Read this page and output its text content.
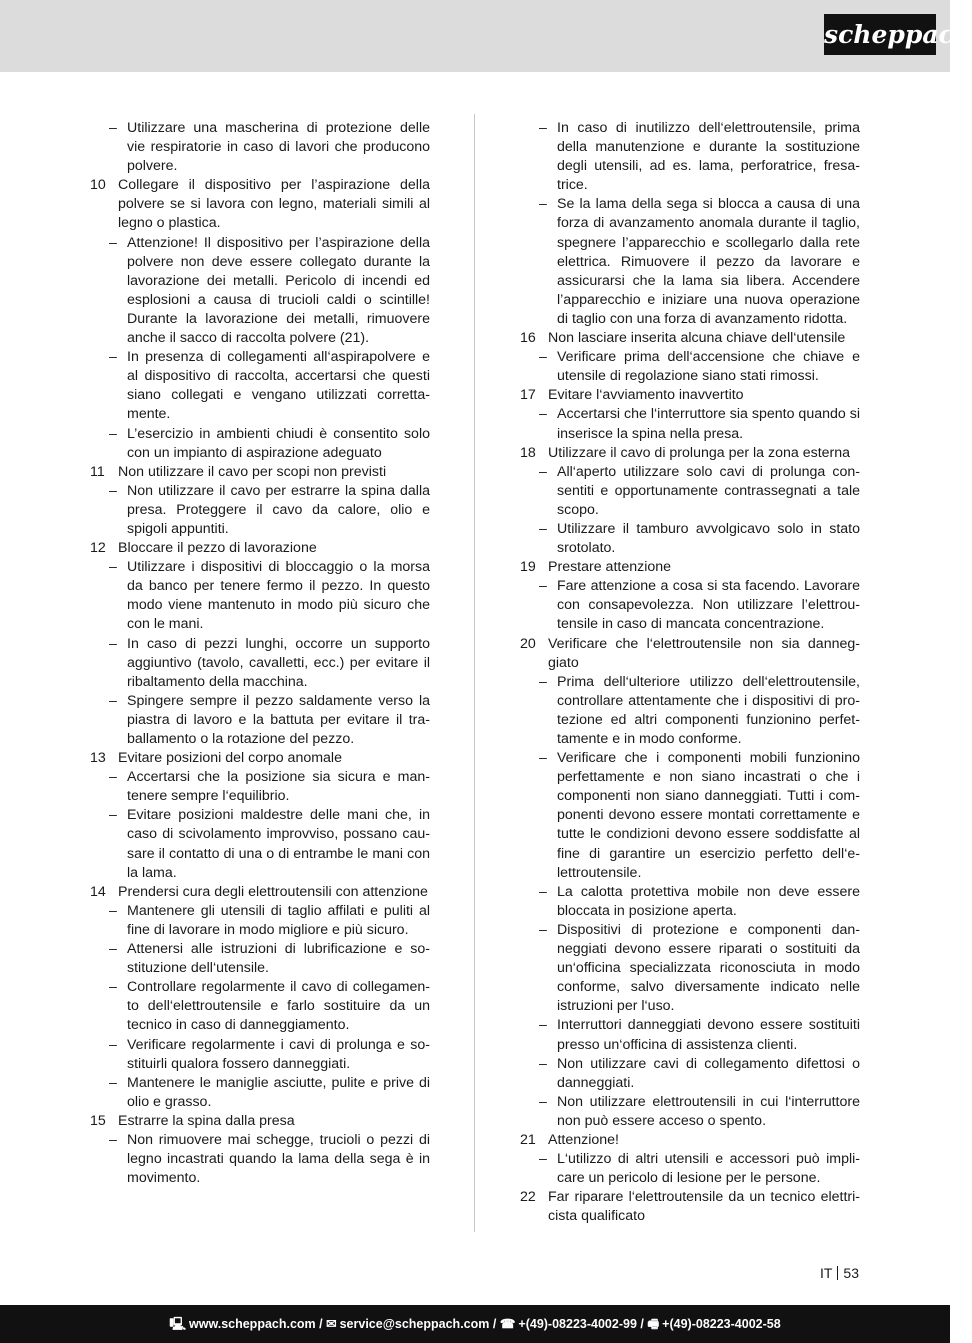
scheppach
– Utilizzare una mascherina di protezione delle vie respiratorie in caso di lavori che producono polvere.
10 Collegare il dispositivo per l’aspirazione della polvere se si lavora con legno, materiali simili al legno o plastica.
– Attenzione! Il dispositivo per l’aspirazione della polvere non deve essere collegato durante la lavorazione dei metalli. Pericolo di incendi ed esplosioni a causa di trucioli caldi o scintille! Durante la lavorazione dei metalli, rimuovere anche il sacco di raccolta polvere (21).
– In presenza di collegamenti all‘aspirapolvere e al dispositivo di raccolta, accertarsi che questi siano collegati e vengano utilizzati correttamente.
– L’esercizio in ambienti chiudi è consentito solo con un impianto di aspirazione adeguato
11 Non utilizzare il cavo per scopi non previsti
– Non utilizzare il cavo per estrarre la spina dalla presa. Proteggere il cavo da calore, olio e spigoli appuntiti.
12 Bloccare il pezzo di lavorazione
– Utilizzare i dispositivi di bloccaggio o la morsa da banco per tenere fermo il pezzo. In questo modo viene mantenuto in modo più sicuro che con le mani.
– In caso di pezzi lunghi, occorre un supporto aggiuntivo (tavolo, cavalletti, ecc.) per evitare il ribaltamento della macchina.
– Spingere sempre il pezzo saldamente verso la piastra di lavoro e la battuta per evitare il traballamento o la rotazione del pezzo.
13 Evitare posizioni del corpo anomale
– Accertarsi che la posizione sia sicura e mantenere sempre l‘equilibrio.
– Evitare posizioni maldestre delle mani che, in caso di scivolamento improvviso, possano causare il contatto di una o di entrambe le mani con la lama.
14 Prendersi cura degli elettroutensili con attenzione
– Mantenere gli utensili di taglio affilati e puliti al fine di lavorare in modo migliore e più sicuro.
– Attenersi alle istruzioni di lubrificazione e sostituzione dell‘utensile.
– Controllare regolarmente il cavo di collegamento dell‘elettroutensile e farlo sostituire da un tecnico in caso di danneggiamento.
– Verificare regolarmente i cavi di prolunga e sostituirli qualora fossero danneggiati.
– Mantenere le maniglie asciutte, pulite e prive di olio e grasso.
15 Estrarre la spina dalla presa
– Non rimuovere mai schegge, trucioli o pezzi di legno incastrati quando la lama della sega è in movimento.
– In caso di inutilizzo dell‘elettroutensile, prima della manutenzione e durante la sostituzione degli utensili, ad es. lama, perforatrice, fresatrice.
– Se la lama della sega si blocca a causa di una forza di avanzamento anomala durante il taglio, spegnere l’apparecchio e scollegarlo dalla rete elettrica. Rimuovere il pezzo da lavorare e assicurarsi che la lama sia libera. Accendere l’apparecchio e iniziare una nuova operazione di taglio con una forza di avanzamento ridotta.
16 Non lasciare inserita alcuna chiave dell‘utensile
– Verificare prima dell‘accensione che chiave e utensile di regolazione siano stati rimossi.
17 Evitare l‘avviamento inavvertito
– Accertarsi che l‘interruttore sia spento quando si inserisce la spina nella presa.
18 Utilizzare il cavo di prolunga per la zona esterna
– All‘aperto utilizzare solo cavi di prolunga consentiti e opportunamente contrassegnati a tale scopo.
– Utilizzare il tamburo avvolgicavo solo in stato srotolato.
19 Prestare attenzione
– Fare attenzione a cosa si sta facendo. Lavorare con consapevolezza. Non utilizzare l’elettroutensile in caso di mancata concentrazione.
20 Verificare che l‘elettroutensile non sia danneggiato
– Prima dell‘ulteriore utilizzo dell‘elettroutensile, controllare attentamente che i dispositivi di protezione ed altri componenti funzionino perfettamente e in modo conforme.
– Verificare che i componenti mobili funzionino perfettamente e non siano incastrati o che i componenti non siano danneggiati. Tutti i componenti devono essere montati correttamente e tutte le condizioni devono essere soddisfatte al fine di garantire un esercizio perfetto dell‘elettroutensile.
– La calotta protettiva mobile non deve essere bloccata in posizione aperta.
– Dispositivi di protezione e componenti danneggiati devono essere riparati o sostituiti da un‘officina specializzata riconosciuta in modo conforme, salvo diversamente indicato nelle istruzioni per l‘uso.
– Interruttori danneggiati devono essere sostituiti presso un‘officina di assistenza clienti.
– Non utilizzare cavi di collegamento difettosi o danneggiati.
– Non utilizzare elettroutensili in cui l‘interruttore non può essere acceso o spento.
21 Attenzione!
– L‘utilizzo di altri utensili e accessori può implicare un pericolo di lesione per le persone.
22 Far riparare l‘elettroutensile da un tecnico elettricista qualificato
IT 53
🖳 www.scheppach.com / ✉ service@scheppach.com / ☎ +(49)-08223-4002-99 / 🖷 +(49)-08223-4002-58
